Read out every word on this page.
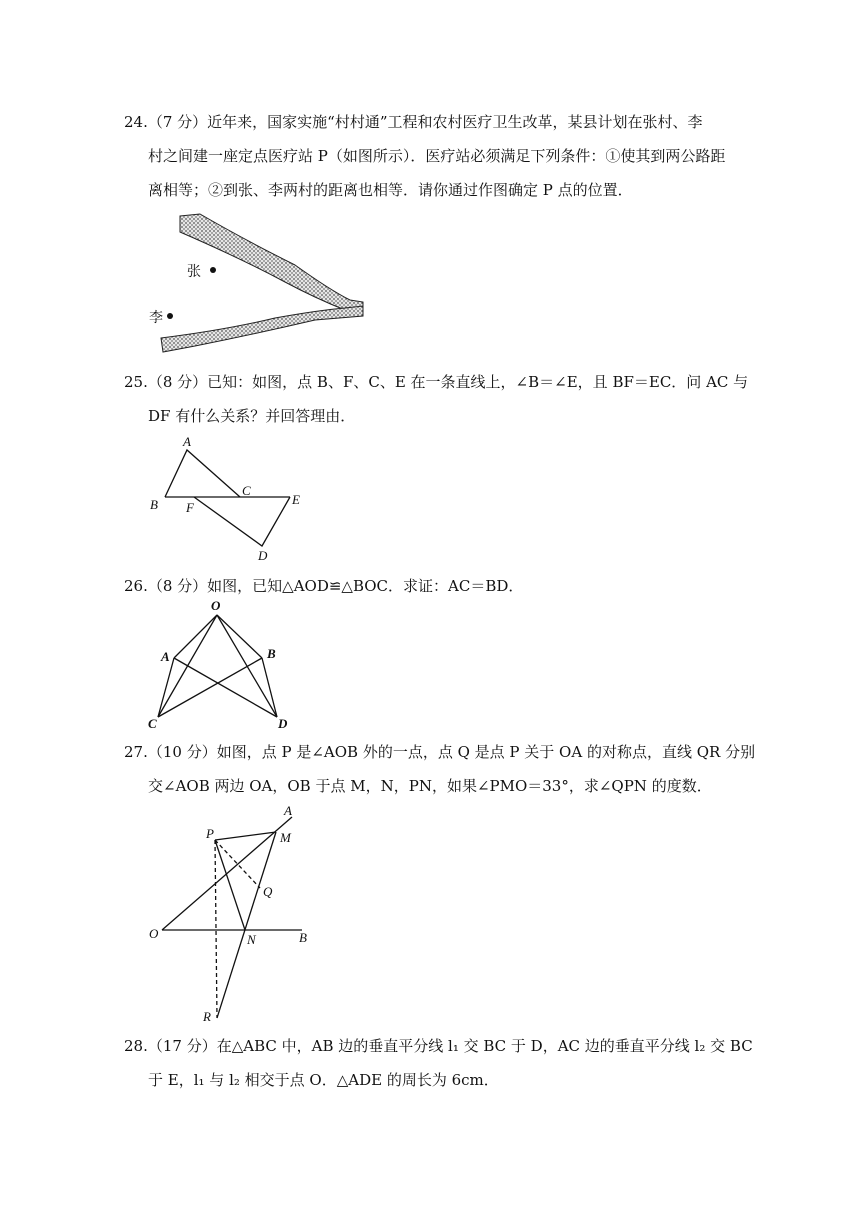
24.（7 分）近年来，国家实施“村村通”工程和农村医疗卫生改革，某县计划在张村、李
村之间建一座定点医疗站 P（如图所示）．医疗站必须满足下列条件：①使其到两公路距
离相等；②到张、李两村的距离也相等．请你通过作图确定 P 点的位置．
张
李
25.（8 分）已知：如图，点 B、F、C、E 在一条直线上，∠B＝∠E，且 BF＝EC．问 AC 与
DF 有什么关系？并回答理由．
A
B
C
D
E
F
26.（8 分）如图，已知△AOD≌△BOC．求证：AC＝BD．
O
A	B
C	D
27.（10 分）如图，点 P 是∠AOB 外的一点，点 Q 是点 P 关于 OA 的对称点，直线 QR 分别
交∠AOB 两边 OA，OB 于点 M，N，PN，如果∠PMO＝33°，求∠QPN 的度数．
A
P	M
Q
O	N	B
R
28.（17 分）在△ABC 中，AB 边的垂直平分线 l₁ 交 BC 于 D，AC 边的垂直平分线 l₂ 交 BC
于 E，l₁ 与 l₂ 相交于点 O．△ADE 的周长为 6cm．
